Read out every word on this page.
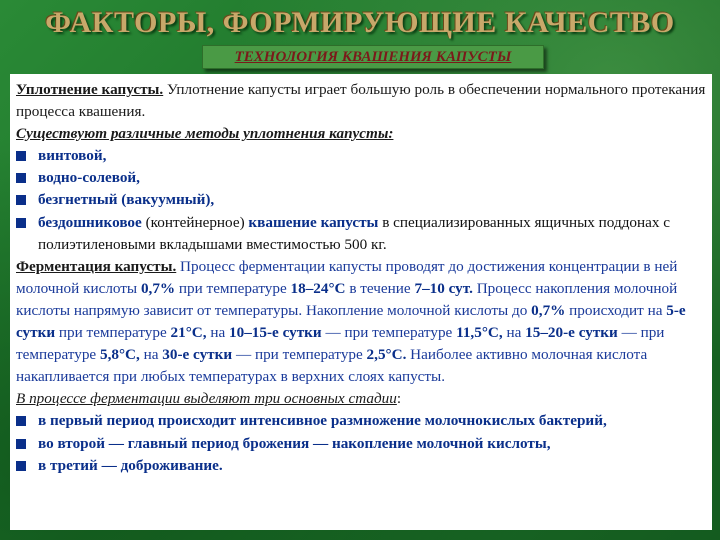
ФАКТОРЫ, ФОРМИРУЮЩИЕ КАЧЕСТВО
ТЕХНОЛОГИЯ КВАШЕНИЯ КАПУСТЫ

Уплотнение капусты. Уплотнение капусты играет большую роль в обеспечении нормального протекания процесса квашения.

Существуют различные методы уплотнения капусты:

винтовой,

водно-солевой,

безгнетный (вакуумный),

бездошниковое (контейнерное) квашение капусты в специализированных ящичных поддонах с полиэтиленовыми вкладышами вместимостью 500 кг.

Ферментация капусты. Процесс ферментации капусты проводят до достижения концентрации в ней молочной кислоты 0,7% при температуре 18–24°С в течение 7–10 сут. Процесс накопления молочной кислоты напрямую зависит от температуры. Накопление молочной кислоты до 0,7% происходит на 5-е сутки при температуре 21°С, на 10–15-е сутки — при температуре 11,5°С, на 15–20-е сутки — при температуре 5,8°С, на 30-е сутки — при температуре 2,5°С. Наиболее активно молочная кислота накапливается при любых температурах в верхних слоях капусты.

В процессе ферментации выделяют три основных стадии:

в первый период происходит интенсивное размножение молочнокислых бактерий,

во второй — главный период брожения — накопление молочной кислоты,

в третий — доброживание.
